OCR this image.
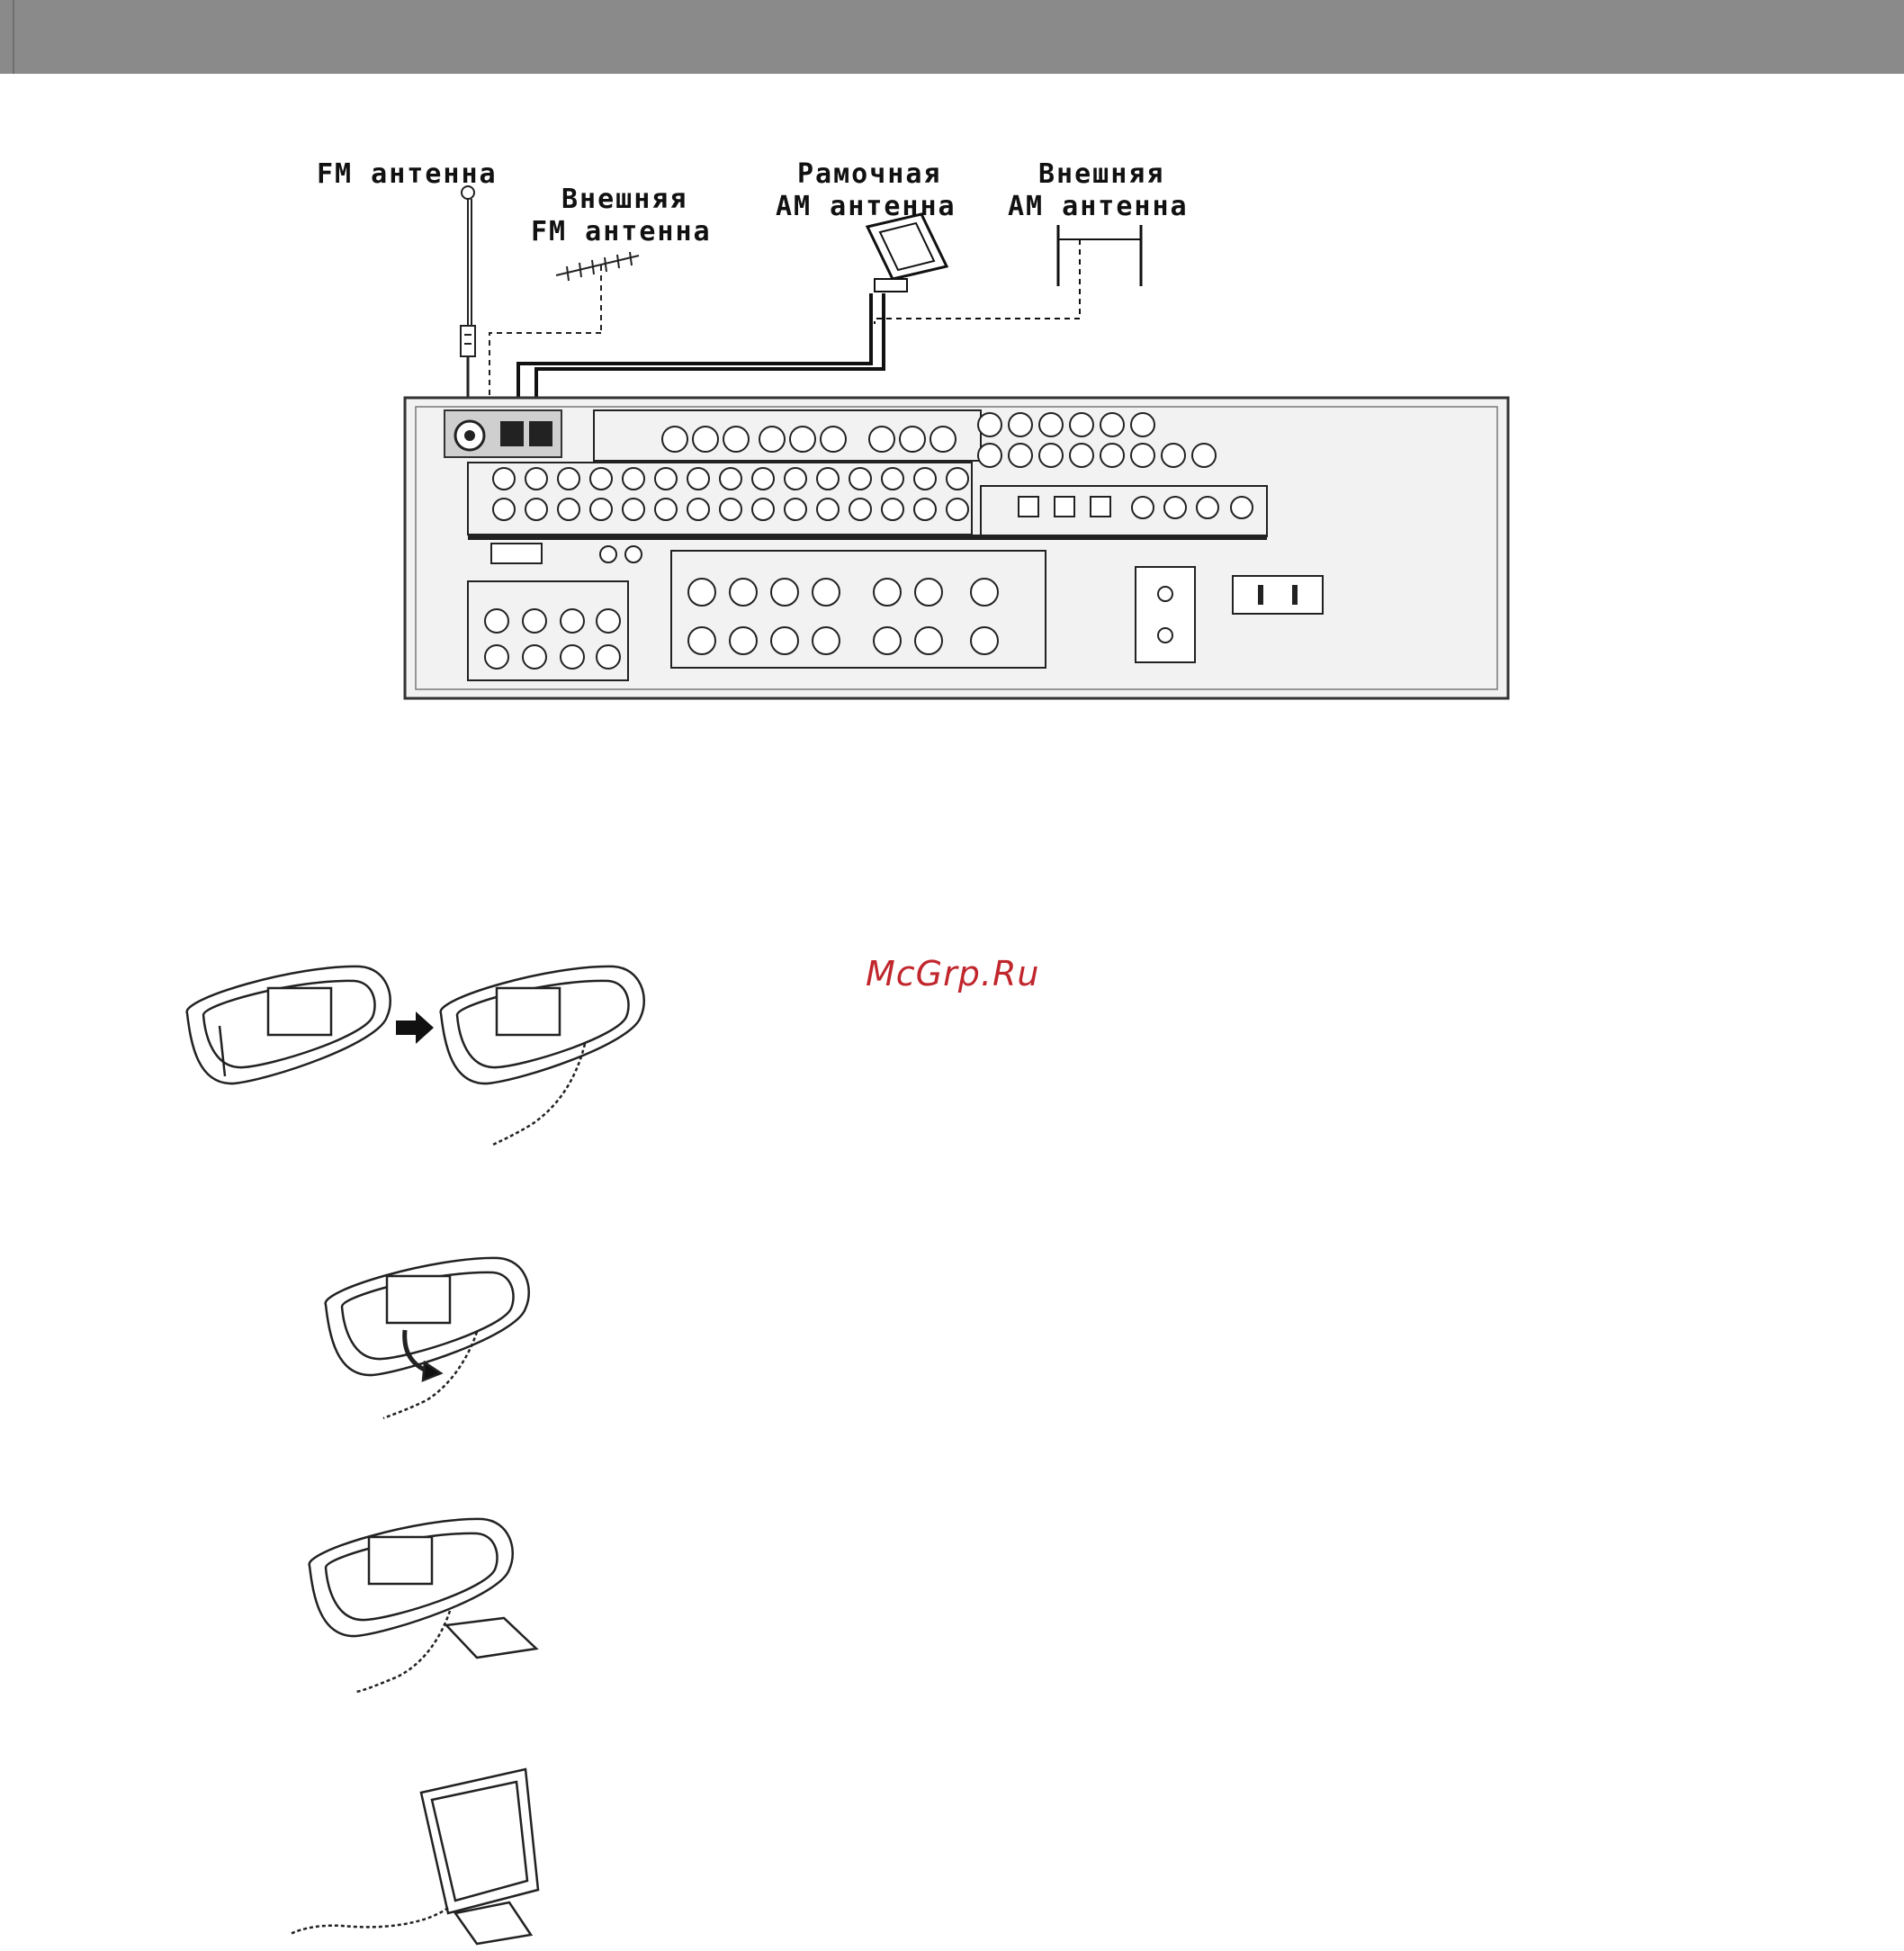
FM антенна
Внешняя
FM антенна
Рамочная
AM антенна
Внешняя
AM антенна
McGrp.Ru
